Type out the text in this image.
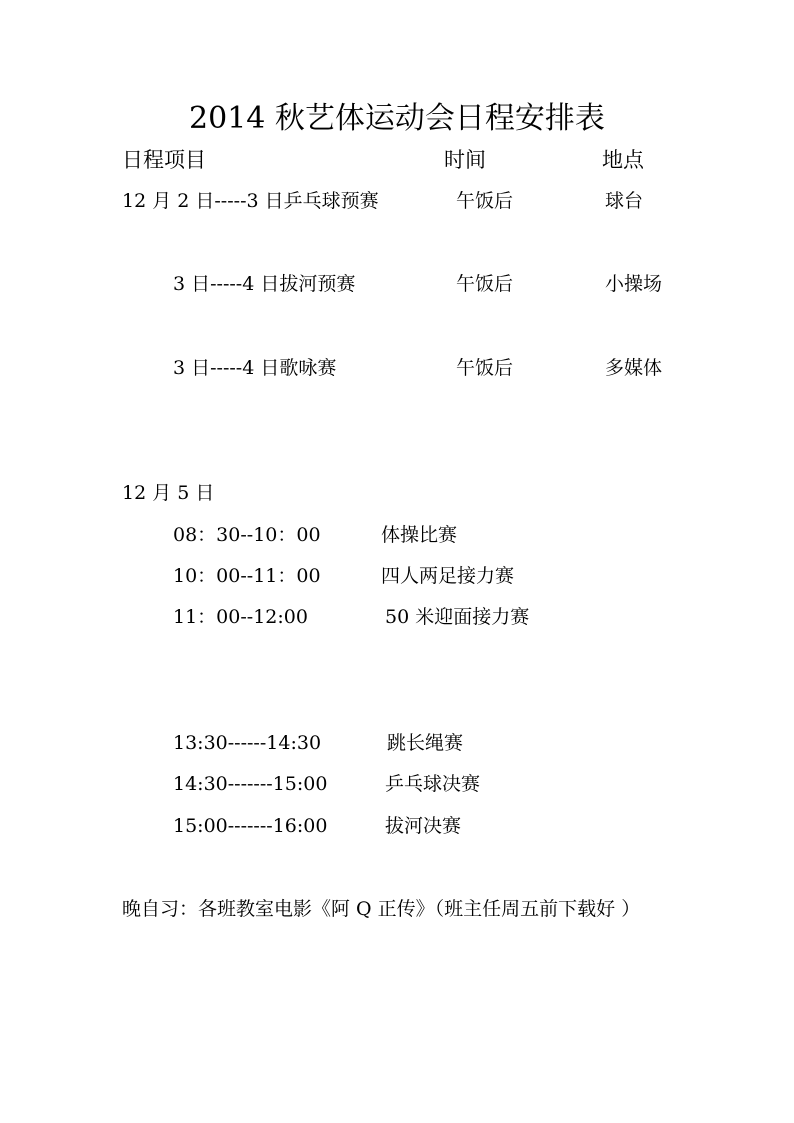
2014 秋艺体运动会日程安排表
日程项目	时间	地点
12 月 2 日-----3 日乒乓球预赛	午饭后	球台
3 日-----4 日拔河预赛	午饭后	小操场
3 日-----4 日歌咏赛	午饭后	多媒体
12 月 5 日
08：30--10：00	体操比赛
10：00--11：00	四人两足接力赛
11：00--12:00	50 米迎面接力赛
13:30------14:30	跳长绳赛
14:30-------15:00	乒乓球决赛
15:00-------16:00	拔河决赛
晚自习：各班教室电影《阿 Q 正传》（班主任周五前下载好 ）
